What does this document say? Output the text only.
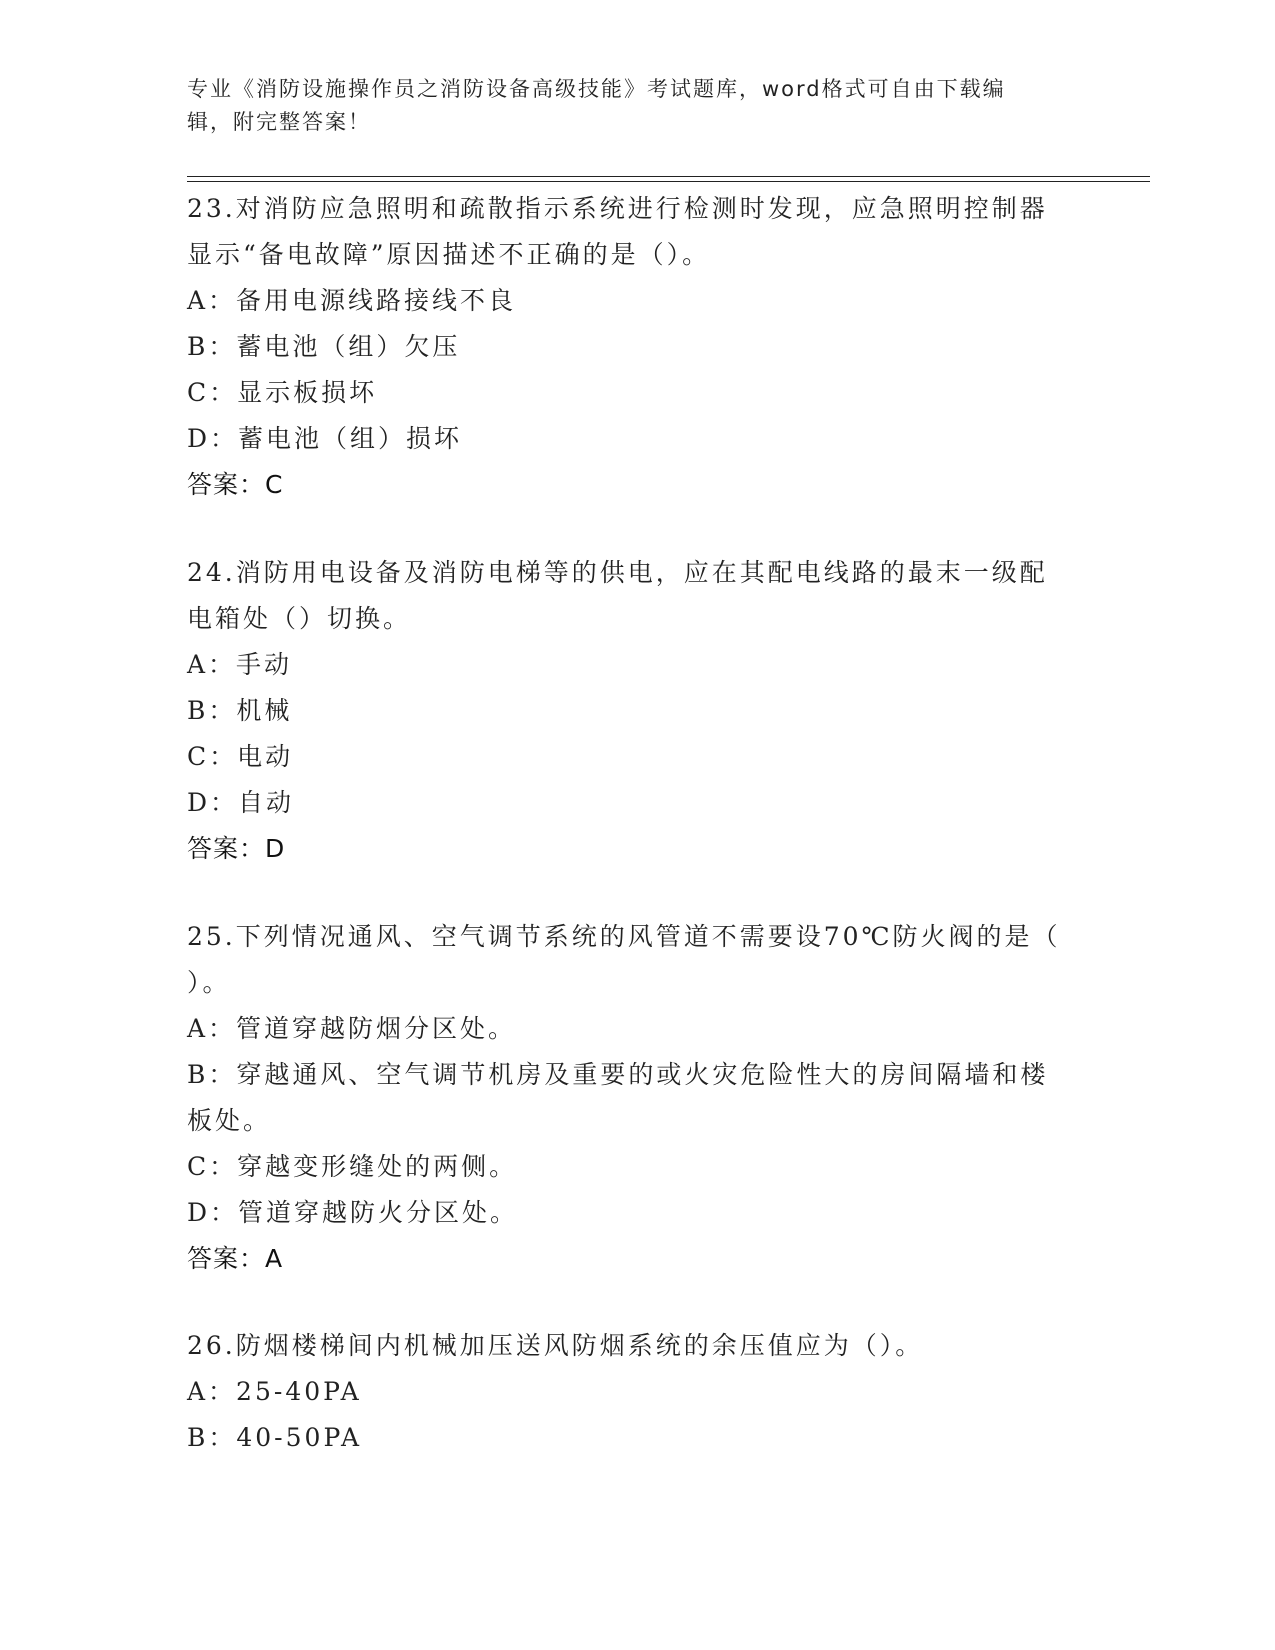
专业《消防设施操作员之消防设备高级技能》考试题库，word格式可自由下载编
辑，附完整答案！
23.对消防应急照明和疏散指示系统进行检测时发现，应急照明控制器
显示“备电故障”原因描述不正确的是（）。
A：备用电源线路接线不良
B：蓄电池（组）欠压
C：显示板损坏
D：蓄电池（组）损坏
答案：C
24.消防用电设备及消防电梯等的供电，应在其配电线路的最末一级配
电箱处（）切换。
A：手动
B：机械
C：电动
D：自动
答案：D
25.下列情况通风、空气调节系统的风管道不需要设70℃防火阀的是（
）。
A：管道穿越防烟分区处。
B：穿越通风、空气调节机房及重要的或火灾危险性大的房间隔墙和楼
板处。
C：穿越变形缝处的两侧。
D：管道穿越防火分区处。
答案：A
26.防烟楼梯间内机械加压送风防烟系统的余压值应为（）。
A：25-40PA
B：40-50PA
